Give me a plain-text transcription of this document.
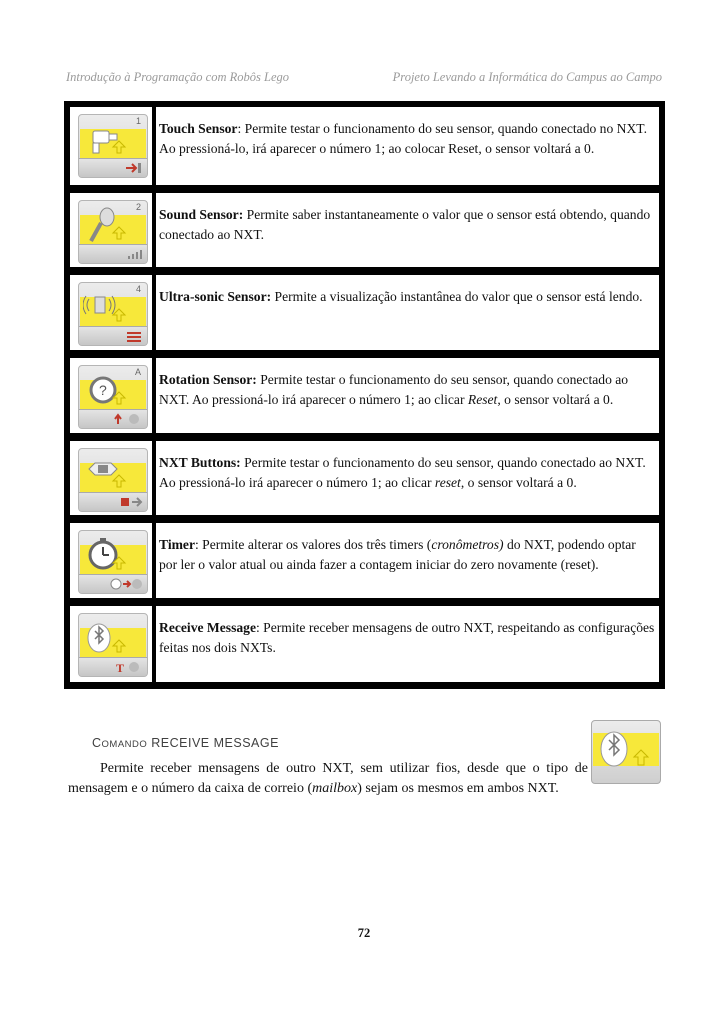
Introdução à Programação com Robôs Lego	Projeto Levando a Informática do Campus ao Campo
1 Touch Sensor: Permite testar o funcionamento do seu sensor, quando conectado no NXT. Ao pressioná-lo, irá aparecer o número 1; ao colocar Reset, o sensor voltará a 0.
2 Sound Sensor: Permite saber instantaneamente o valor que o sensor está obtendo, quando conectado ao NXT.
4 Ultra-sonic Sensor: Permite a visualização instantânea do valor que o sensor está lendo.
A
?
Rotation Sensor: Permite testar o funcionamento do seu sensor, quando conectado ao NXT. Ao pressioná-lo irá aparecer o número 1; ao clicar Reset, o sensor voltará a 0.
NXT Buttons: Permite testar o funcionamento do seu sensor, quando conectado ao NXT. Ao pressioná-lo irá aparecer o número 1; ao clicar reset, o sensor voltará a 0.
Timer: Permite alterar os valores dos três timers (cronômetros) do NXT, podendo optar por ler o valor atual ou ainda fazer a contagem iniciar do zero novamente (reset).
T
Receive Message: Permite receber mensagens de outro NXT, respeitando as configurações feitas nos dois NXTs.
COMANDO RECEIVE MESSAGE
Permite receber mensagens de outro NXT, sem utilizar fios, desde que o tipo de mensagem e o número da caixa de correio (mailbox) sejam os mesmos em ambos NXT.
72
